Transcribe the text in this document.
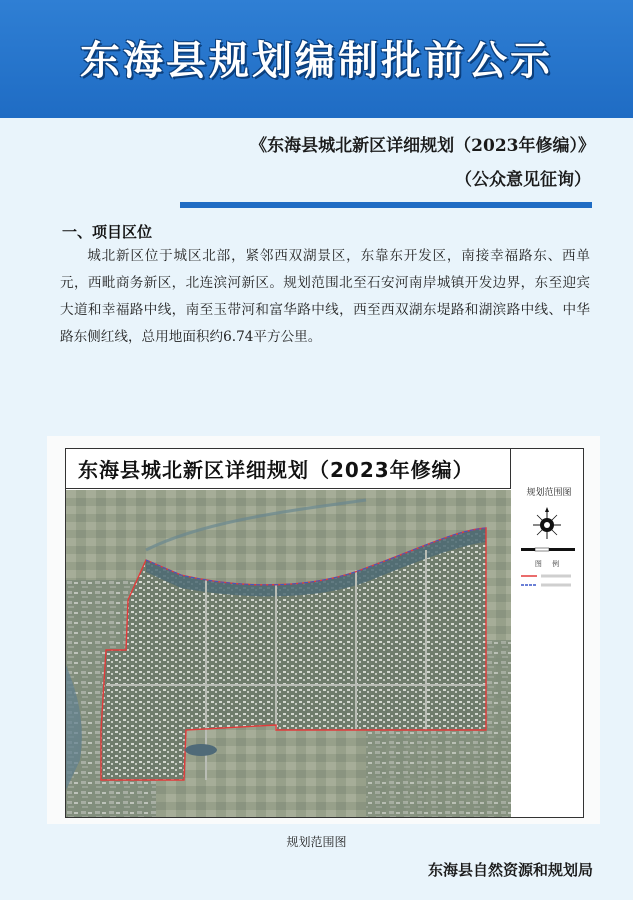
东海县规划编制批前公示
《东海县城北新区详细规划（2023年修编）》
（公众意见征询）
一、项目区位
城北新区位于城区北部，紧邻西双湖景区，东靠东开发区，南接幸福路东、西单元，西毗商务新区，北连滨河新区。规划范围北至石安河南岸城镇开发边界，东至迎宾大道和幸福路中线，南至玉带河和富华路中线，西至西双湖东堤路和湖滨路中线、中华路东侧红线，总用地面积约6.74平方公里。
东海县城北新区详细规划（2023年修编）
规划范围图
图 例
规划范围图
东海县自然资源和规划局
